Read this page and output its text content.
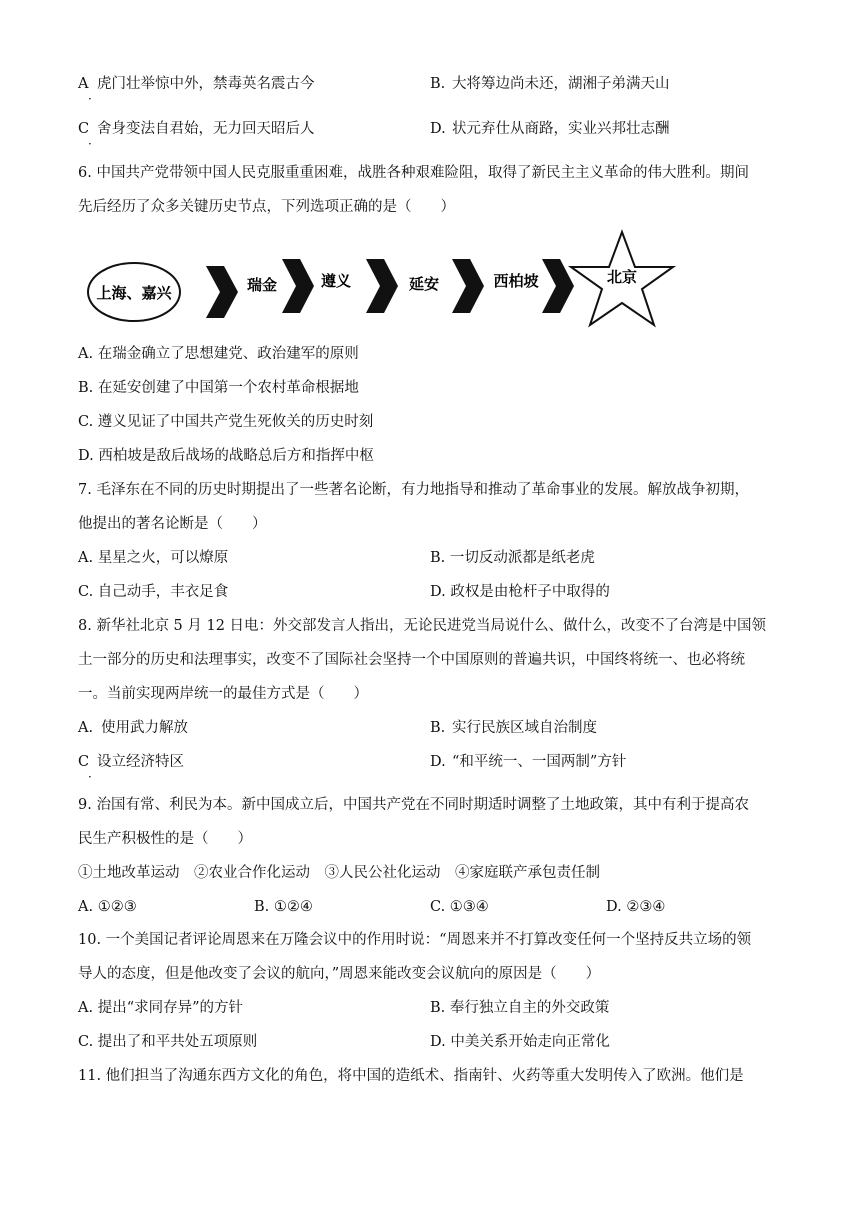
A
·
虎门壮举惊中外，禁毒英名震古今	B. 大将筹边尚未还，湖湘子弟满天山
C
·
舍身变法自君始，无力回天昭后人	D. 状元弃仕从商路，实业兴邦壮志酬
6. 中国共产党带领中国人民克服重重困难，战胜各种艰难险阻，取得了新民主主义革命的伟大胜利。期间
先后经历了众多关键历史节点，下列选项正确的是（　　）
上海、嘉兴	瑞金	遵义	延安	西柏坡	北京
A. 在瑞金确立了思想建党、政治建军的原则
B. 在延安创建了中国第一个农村革命根据地
C. 遵义见证了中国共产党生死攸关的历史时刻
D. 西柏坡是敌后战场的战略总后方和指挥中枢
7. 毛泽东在不同的历史时期提出了一些著名论断，有力地指导和推动了革命事业的发展。解放战争初期，
他提出的著名论断是（　　）
A. 星星之火，可以燎原	B. 一切反动派都是纸老虎
C. 自己动手，丰衣足食	D. 政权是由枪杆子中取得的
8. 新华社北京 5 月 12 日电：外交部发言人指出，无论民进党当局说什么、做什么，改变不了台湾是中国领
土一部分的历史和法理事实，改变不了国际社会坚持一个中国原则的普遍共识，中国终将统一、也必将统
一。当前实现两岸统一的最佳方式是（　　）
A. 使用武力解放	B. 实行民族区域自治制度
C
·
设立经济特区	D. “和平统一、一国两制”方针
9. 治国有常、利民为本。新中国成立后，中国共产党在不同时期适时调整了土地政策，其中有利于提高农
民生产积极性的是（　　）
①土地改革运动　②农业合作化运动　③人民公社化运动　④家庭联产承包责任制
A. ①②③	B. ①②④	C. ①③④	D. ②③④
10. 一个美国记者评论周恩来在万隆会议中的作用时说：“周恩来并不打算改变任何一个坚持反共立场的领
导人的态度，但是他改变了会议的航向，”周恩来能改变会议航向的原因是（　　）
A. 提出“求同存异”的方针	B. 奉行独立自主的外交政策
C. 提出了和平共处五项原则	D. 中美关系开始走向正常化
11. 他们担当了沟通东西方文化的角色，将中国的造纸术、指南针、火药等重大发明传入了欧洲。他们是
